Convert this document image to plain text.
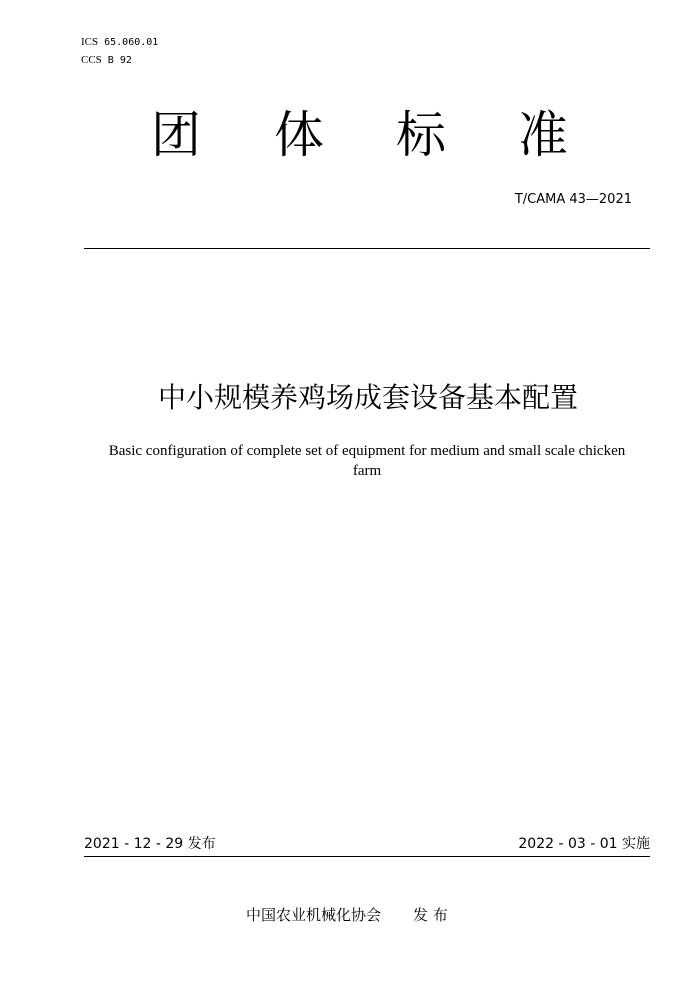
ICS 65.060.01
CCS B 92
团 体 标 准
T/CAMA 43—2021
中小规模养鸡场成套设备基本配置
Basic configuration of complete set of equipment for medium and small scale chicken farm
2021 - 12 - 29 发布	2022 - 03 - 01 实施
中国农业机械化协会 发 布
